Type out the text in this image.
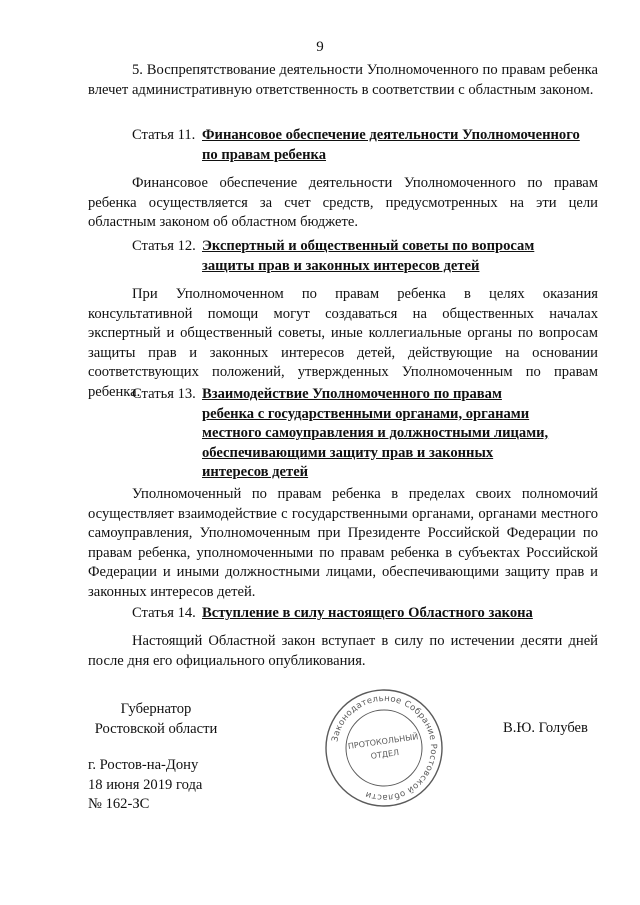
9

5. Воспрепятствование деятельности Уполномоченного по правам ребенка влечет административную ответственность в соответствии с областным законом.

Статья 11. Финансовое обеспечение деятельности Уполномоченного
по правам ребенка

Финансовое обеспечение деятельности Уполномоченного по правам ребенка осуществляется за счет средств, предусмотренных на эти цели областным законом об областном бюджете.

Статья 12. Экспертный и общественный советы по вопросам
защиты прав и законных интересов детей

При Уполномоченном по правам ребенка в целях оказания консультативной помощи могут создаваться на общественных началах экспертный и общественный советы, иные коллегиальные органы по вопросам защиты прав и законных интересов детей, действующие на основании соответствующих положений, утвержденных Уполномоченным по правам ребенка.

Статья 13. Взаимодействие Уполномоченного по правам
ребенка с государственными органами, органами
местного самоуправления и должностными лицами,
обеспечивающими защиту прав и законных
интересов детей

Уполномоченный по правам ребенка в пределах своих полномочий осуществляет взаимодействие с государственными органами, органами местного самоуправления, Уполномоченным при Президенте Российской Федерации по правам ребенка, уполномоченными по правам ребенка в субъектах Российской Федерации и иными должностными лицами, обеспечивающими защиту прав и законных интересов детей.

Статья 14. Вступление в силу настоящего Областного закона

Настоящий Областной закон вступает в силу по истечении десяти дней после дня его официального опубликования.

Губернатор
Ростовской области	В.Ю. Голубев
г. Ростов-на-Дону
18 июня 2019 года
№ 162-ЗС
Законодательное Собрание Ростовской области
ПРОТОКОЛЬНЫЙ
ОТДЕЛ
